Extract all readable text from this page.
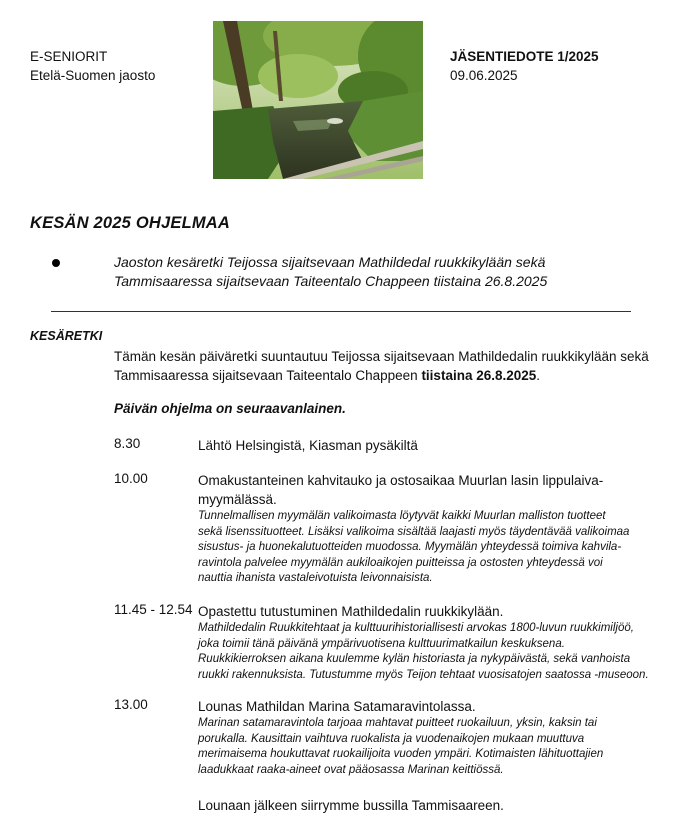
E-SENIORIT
Etelä-Suomen jaosto
JÄSENTIEDOTE 1/2025
09.06.2025
KESÄN 2025 OHJELMAA
Jaoston kesäretki Teijossa sijaitsevaan Mathildedal ruukkikylään sekä
Tammisaaressa sijaitsevaan Taiteentalo Chappeen tiistaina 26.8.2025
KESÄRETKI
Tämän kesän päiväretki suuntautuu Teijossa sijaitsevaan Mathildedalin ruukkikylään sekä
Tammisaaressa sijaitsevaan Taiteentalo Chappeen tiistaina 26.8.2025.
Päivän ohjelma on seuraavanlainen.
8.30	Lähtö Helsingistä, Kiasman pysäkiltä
10.00	Omakustanteinen kahvitauko ja ostosaikaa Muurlan lasin lippulaiva-
myymälässä.
Tunnelmallisen myymälän valikoimasta löytyvät kaikki Muurlan malliston tuotteet
sekä lisenssituotteet. Lisäksi valikoima sisältää laajasti myös täydentävää valikoimaa
sisustus- ja huonekalutuotteiden muodossa. Myymälän yhteydessä toimiva kahvila-
ravintola palvelee myymälän aukiloaikojen puitteissa ja ostosten yhteydessä voi
nauttia ihanista vastaleivotuista leivonnaisista.
11.45 - 12.54 Opastettu tutustuminen Mathildedalin ruukkikylään.
Mathildedalin Ruukkitehtaat ja kulttuurihistoriallisesti arvokas 1800-luvun ruukkimiljöö,
joka toimii tänä päivänä ympärivuotisena kulttuurimatkailun keskuksena.
Ruukkikierroksen aikana kuulemme kylän historiasta ja nykypäivästä, sekä vanhoista
ruukki rakennuksista. Tutustumme myös Teijon tehtaat vuosisatojen saatossa -museoon.
13.00	Lounas Mathildan Marina Satamaravintolassa.
Marinan satamaravintola tarjoaa mahtavat puitteet ruokailuun, yksin, kaksin tai
porukalla. Kausittain vaihtuva ruokalista ja vuodenaikojen mukaan muuttuva
merimaisema houkuttavat ruokailijoita vuoden ympäri. Kotimaisten lähituottajien
laadukkaat raaka-aineet ovat pääosassa Marinan keittiössä.
Lounaan jälkeen siirrymme bussilla Tammisaareen.
